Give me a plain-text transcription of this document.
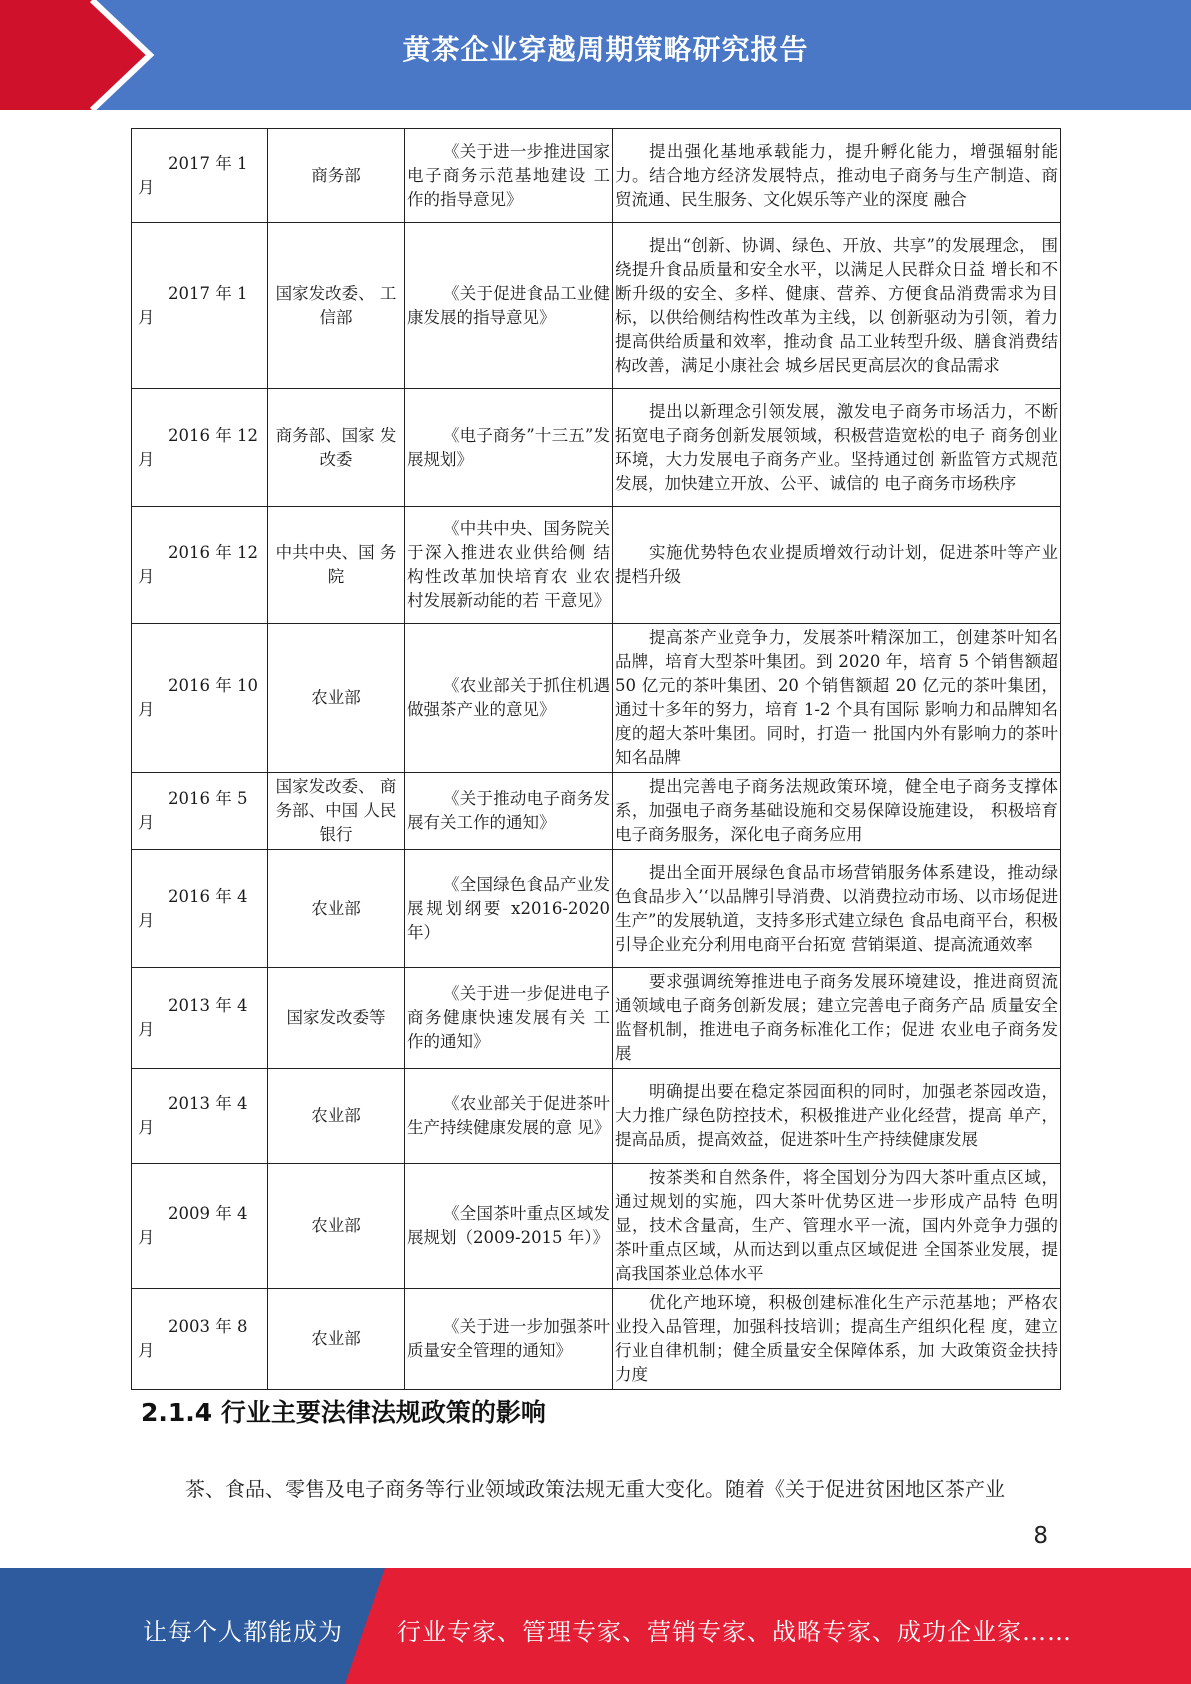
黄茶企业穿越周期策略研究报告
2017 年 1 月	商务部	《关于进一步推进国家 电子商务示范基地建设 工作的指导意见》	提出强化基地承载能力，提升孵化能力，增强辐射能 力。结合地方经济发展特点，推动电子商务与生产制造、商贸流通、民生服务、文化娱乐等产业的深度 融合
2017 年 1 月	国家发改委、 工信部	《关于促进食品工业健 康发展的指导意见》	提出“创新、协调、绿色、开放、共享”的发展理念， 围绕提升食品质量和安全水平，以满足人民群众日益 增长和不断升级的安全、多样、健康、营养、方便食品消费需求为目标，以供给侧结构性改革为主线，以 创新驱动为引领，着力提高供给质量和效率，推动食 品工业转型升级、膳食消费结构改善，满足小康社会 城乡居民更高层次的食品需求
2016 年 12 月	商务部、国家 发改委	《电子商务”十三五”发展规划》	提出以新理念引领发展，激发电子商务市场活力，不断拓宽电子商务创新发展领域，积极营造宽松的电子 商务创业环境，大力发展电子商务产业。坚持通过创 新监管方式规范发展，加快建立开放、公平、诚信的 电子商务市场秩序
2016 年 12 月	中共中央、国 务院	《中共中央、国务院关 于深入推进农业供给侧 结构性改革加快培育农 业农村发展新动能的若 干意见》	实施优势特色农业提质增效行动计划，促进茶叶等产业提档升级
2016 年 10 月	农业部	《农业部关于抓住机遇 做强茶产业的意见》	提高茶产业竞争力，发展茶叶精深加工，创建茶叶知名品牌，培育大型茶叶集团。到 2020 年，培育 5 个销售额超 50 亿元的茶叶集团、20 个销售额超 20 亿元的茶叶集团，通过十多年的努力，培育 1-2 个具有国际 影响力和品牌知名度的超大茶叶集团。同时，打造一 批国内外有影响力的茶叶知名品牌
2016 年 5 月	国家发改委、 商务部、中国 人民银行	《关于推动电子商务发 展有关工作的通知》	提出完善电子商务法规政策环境，健全电子商务支撑体系，加强电子商务基础设施和交易保障设施建设， 积极培育电子商务服务，深化电子商务应用
2016 年 4 月	农业部	《全国绿色食品产业发 展规划纲要 x2016-2020 年）	提出全面开展绿色食品市场营销服务体系建设，推动绿色食品步入’‘以品牌引导消费、以消费拉动市场、以市场促进生产”的发展轨道，支持多形式建立绿色 食品电商平台，积极引导企业充分利用电商平台拓宽 营销渠道、提高流通效率
2013 年 4 月	国家发改委等	《关于进一步促进电子 商务健康快速发展有关 工作的通知》	要求强调统筹推进电子商务发展环境建设，推进商贸流通领域电子商务创新发展；建立完善电子商务产品 质量安全监督机制，推进电子商务标准化工作；促进 农业电子商务发展
2013 年 4 月	农业部	《农业部关于促进茶叶 生产持续健康发展的意 见》	明确提出要在稳定茶园面积的同时，加强老茶园改造， 大力推广绿色防控技术，积极推进产业化经营，提高 单产，提高品质，提高效益，促进茶叶生产持续健康发展
2009 年 4 月	农业部	《全国茶叶重点区域发 展规划（2009-2015 年）》	按茶类和自然条件，将全国划分为四大茶叶重点区域， 通过规划的实施，四大茶叶优势区进一步形成产品特 色明显，技术含量高，生产、管理水平一流，国内外竞争力强的茶叶重点区域，从而达到以重点区域促进 全国茶业发展，提高我国茶业总体水平
2003 年 8 月	农业部	《关于进一步加强茶叶 质量安全管理的通知》	优化产地环境，积极创建标准化生产示范基地；严格农业投入品管理，加强科技培训；提高生产组织化程 度，建立行业自律机制；健全质量安全保障体系，加 大政策资金扶持力度
2.1.4 行业主要法律法规政策的影响
茶、食品、零售及电子商务等行业领域政策法规无重大变化。随着《关于促进贫困地区茶产业
8
让每个人都能成为 行业专家、管理专家、营销专家、战略专家、成功企业家……
